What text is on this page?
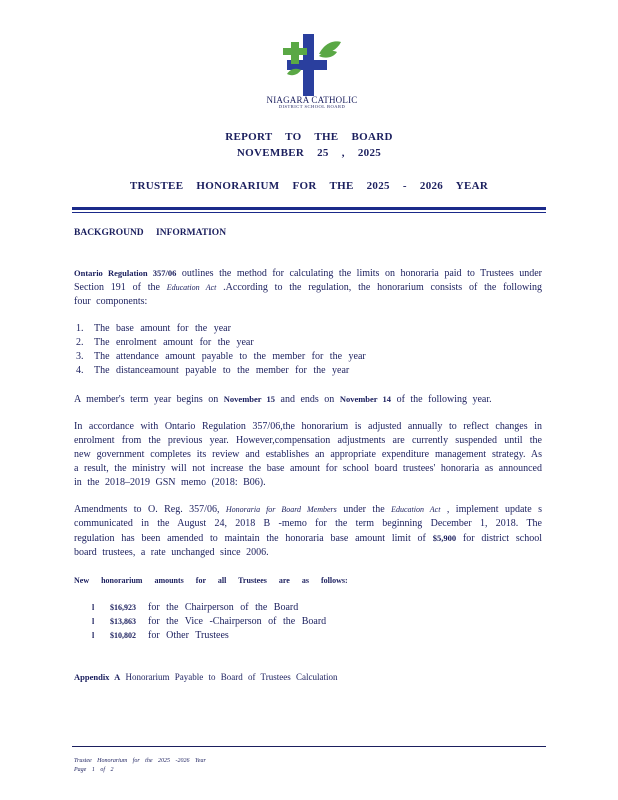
NIAGARA CATHOLIC
DISTRICT SCHOOL BOARD
REPORT TO THE BOARD
NOVEMBER 25 , 2025
TRUSTEE HONORARIUM FOR THE 2025 - 2026 YEAR
BACKGROUND INFORMATION
Ontario Regulation 357/06 outlines the method for calculating the limits on honoraria paid to Trustees under Section 191 of the Education Act .According to the regulation, the honorarium consists of the following four components:
1. The base amount for the year
2. The enrolment amount for the year
3. The attendance amount payable to the member for the year
4. The distanceamount payable to the member for the year
A member's term year begins on November 15 and ends on November 14 of the following year.
In accordance with Ontario Regulation 357/06,the honorarium is adjusted annually to reflect changes in enrolment from the previous year. However,compensation adjustments are currently suspended until the new government completes its review and establishes an appropriate expenditure management strategy. As a result, the ministry will not increase the base amount for school board trustees' honoraria as announced in the 2018–2019 GSN memo (2018: B06).
Amendments to O. Reg. 357/06, Honoraria for Board Members under the Education Act , implement update s communicated in the August 24, 2018 B -memo for the term beginning December 1, 2018. The regulation has been amended to maintain the honoraria base amount limit of $5,900 for district school board trustees, a rate unchanged since 2006.
New honorarium amounts for all Trustees are as follows:
l	$16,923	for the Chairperson of the Board
l	$13,863	for the Vice -Chairperson of the Board
l	$10,802	for Other Trustees
Appendix A Honorarium Payable to Board of Trustees Calculation
Trustee Honorarium for the 2025 -2026 Year
Page 1 of 2
